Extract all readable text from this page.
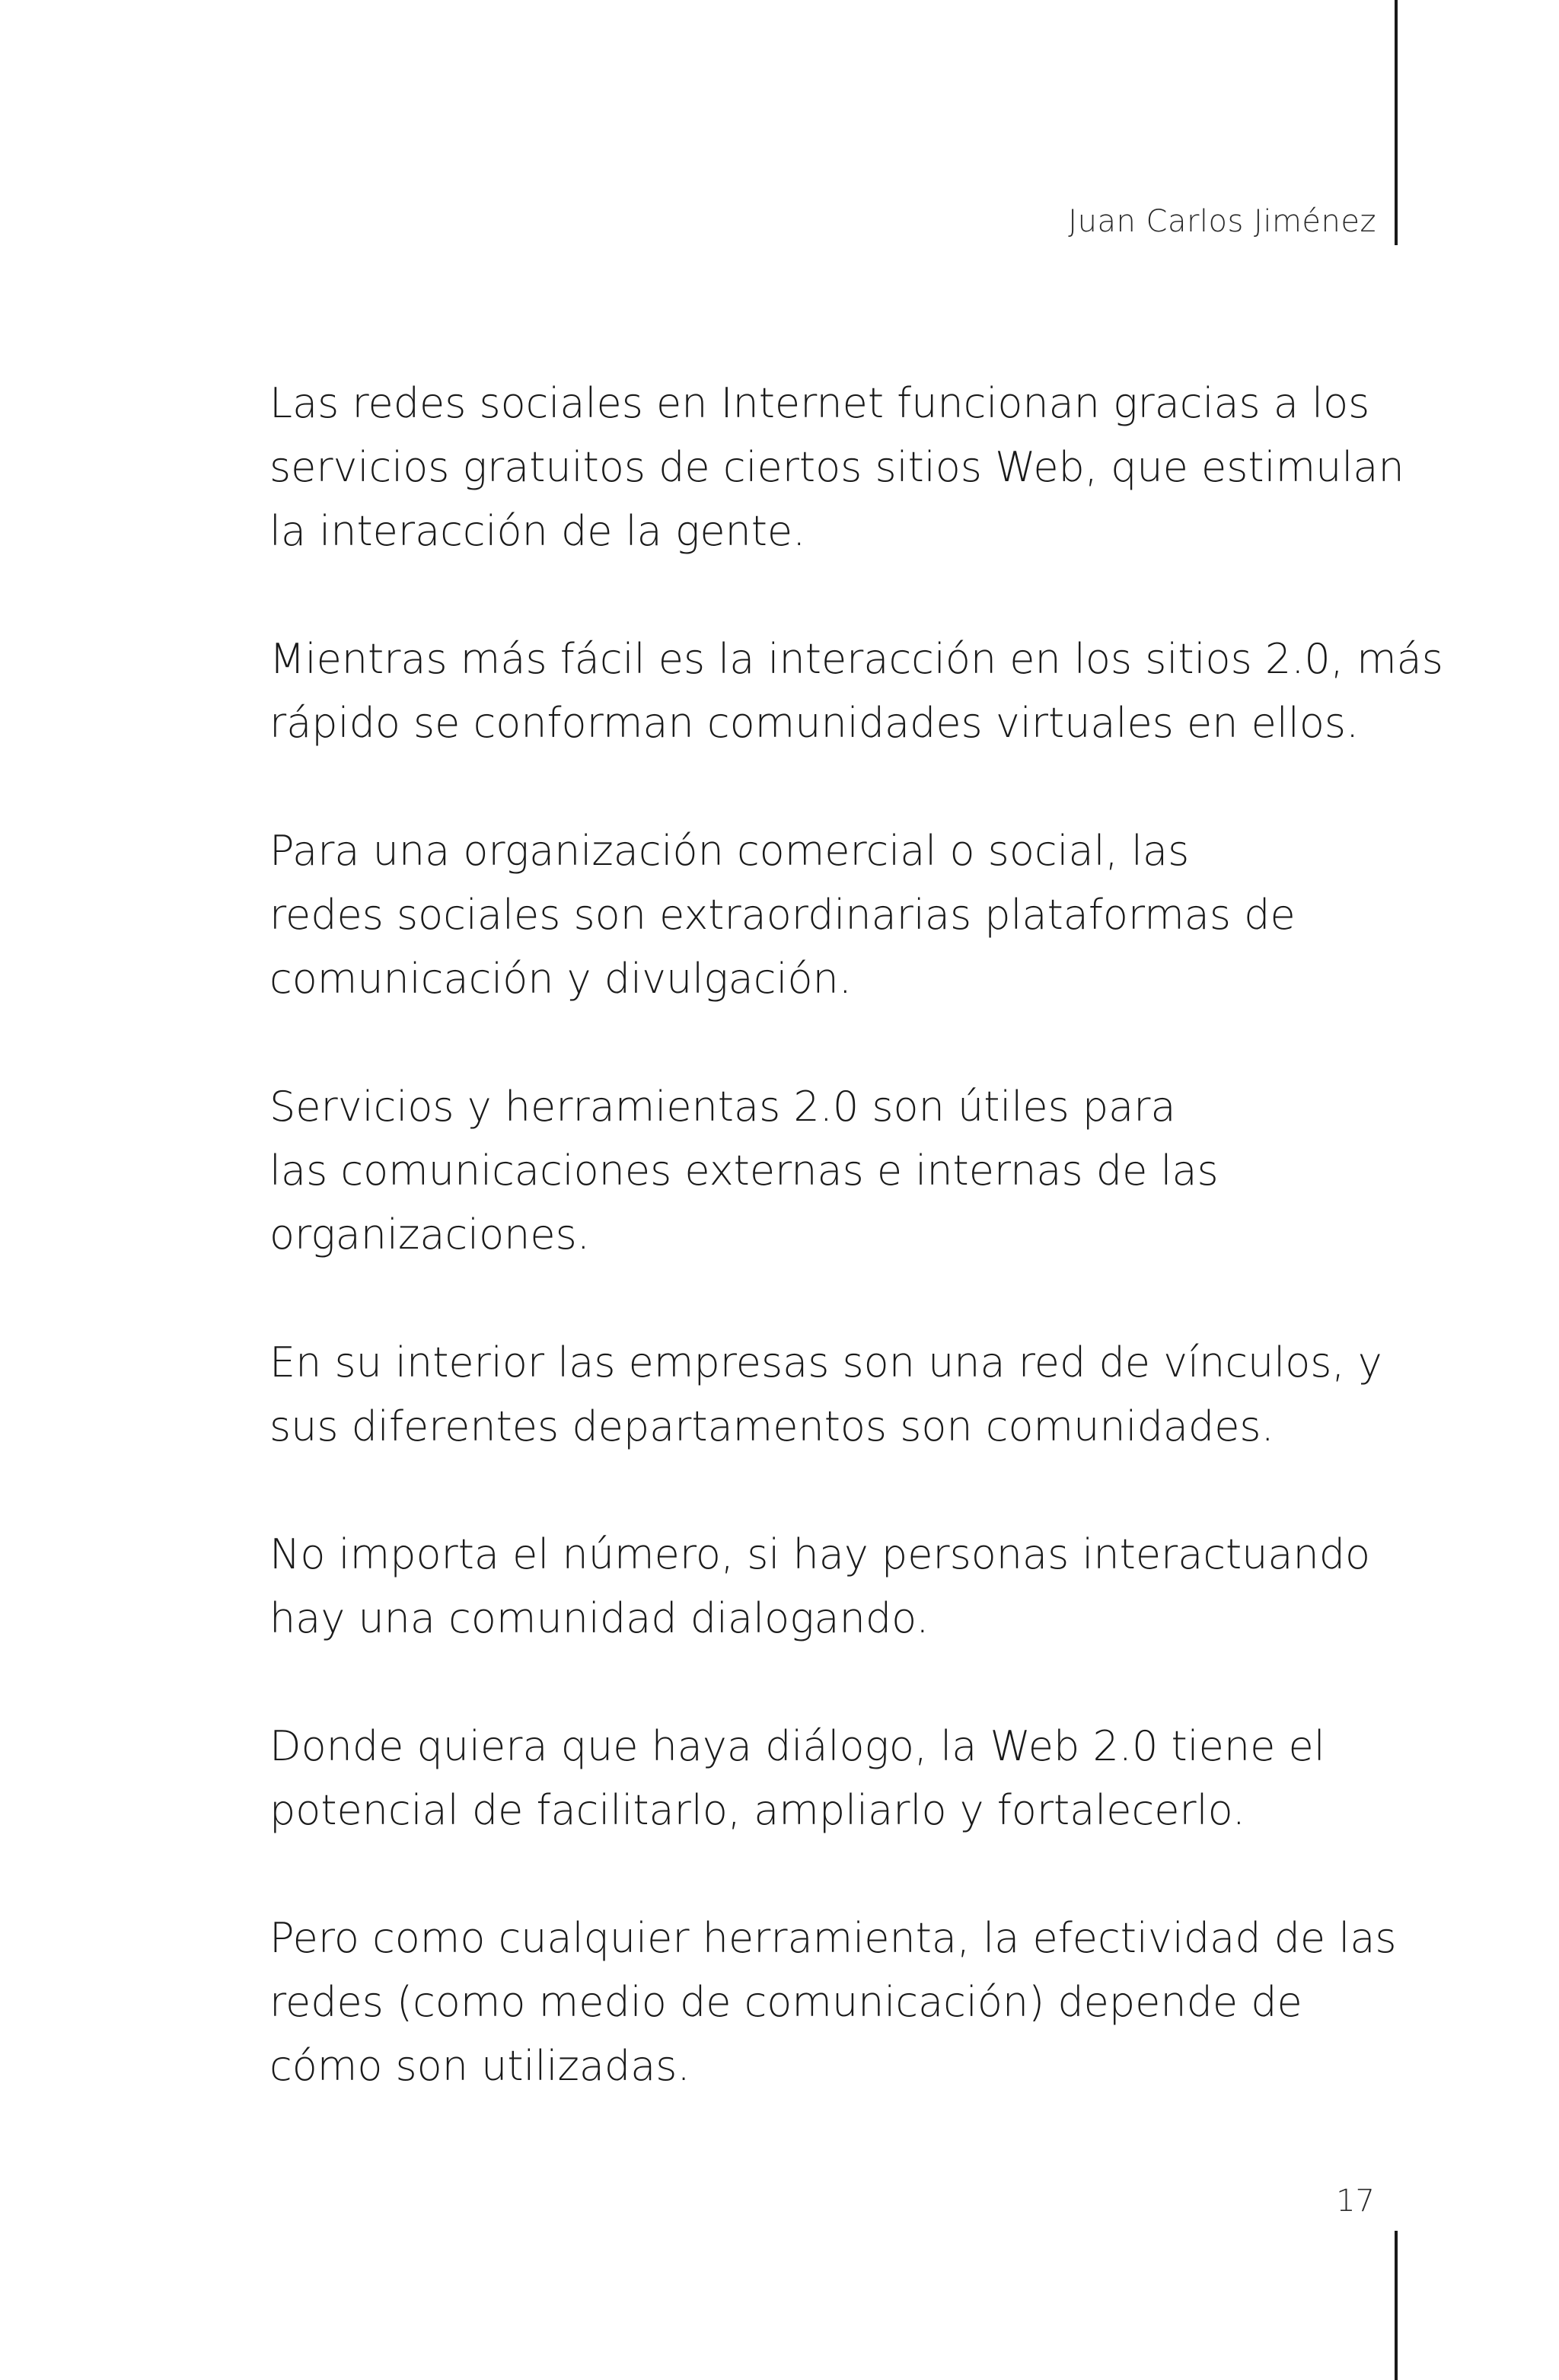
Juan Carlos Jiménez

Las redes sociales en Internet funcionan gracias a los
servicios gratuitos de ciertos sitios Web, que estimulan
la interacción de la gente.

Mientras más fácil es la interacción en los sitios 2.0, más
rápido se conforman comunidades virtuales en ellos.

Para una organización comercial o social, las
redes sociales son extraordinarias plataformas de
comunicación y divulgación.

Servicios y herramientas 2.0 son útiles para
las comunicaciones externas e internas de las
organizaciones.

En su interior las empresas son una red de vínculos, y
sus diferentes departamentos son comunidades.

No importa el número, si hay personas interactuando
hay una comunidad dialogando.

Donde quiera que haya diálogo, la Web 2.0 tiene el
potencial de facilitarlo, ampliarlo y fortalecerlo.

Pero como cualquier herramienta, la efectividad de las
redes (como medio de comunicación) depende de
cómo son utilizadas.

17
